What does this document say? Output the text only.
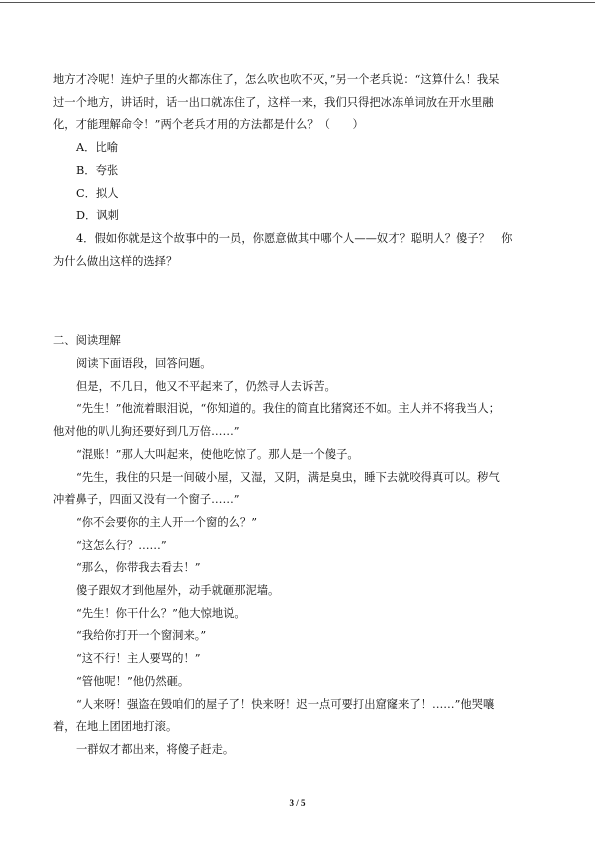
地方才冷呢！连炉子里的火都冻住了，怎么吹也吹不灭，”另一个老兵说：“这算什么！我呆

过一个地方，讲话时，话一出口就冻住了，这样一来，我们只得把冰冻单词放在开水里融

化，才能理解命令！”两个老兵才用的方法都是什么？（　　）

A．比喻

B．夸张

C．拟人

D．讽刺

4．假如你就是这个故事中的一员，你愿意做其中哪个人——奴才？聪明人？傻子？　你

为什么做出这样的选择？

二、阅读理解

阅读下面语段，回答问题。

但是，不几日，他又不平起来了，仍然寻人去诉苦。

“先生！”他流着眼泪说，“你知道的。我住的简直比猪窝还不如。主人并不将我当人；

他对他的叭儿狗还要好到几万倍……”

“混账！”那人大叫起来，使他吃惊了。那人是一个傻子。

“先生，我住的只是一间破小屋，又湿，又阴，满是臭虫，睡下去就咬得真可以。秽气

冲着鼻子，四面又没有一个窗子……”

“你不会要你的主人开一个窗的么？”

“这怎么行？……”

“那么，你带我去看去！”

傻子跟奴才到他屋外，动手就砸那泥墙。

“先生！你干什么？”他大惊地说。

“我给你打开一个窗洞来。”

“这不行！主人要骂的！”

“管他呢！”他仍然砸。

“人来呀！强盗在毁咱们的屋子了！快来呀！迟一点可要打出窟窿来了！……”他哭嚷

着，在地上团团地打滚。

一群奴才都出来，将傻子赶走。

3 / 5
